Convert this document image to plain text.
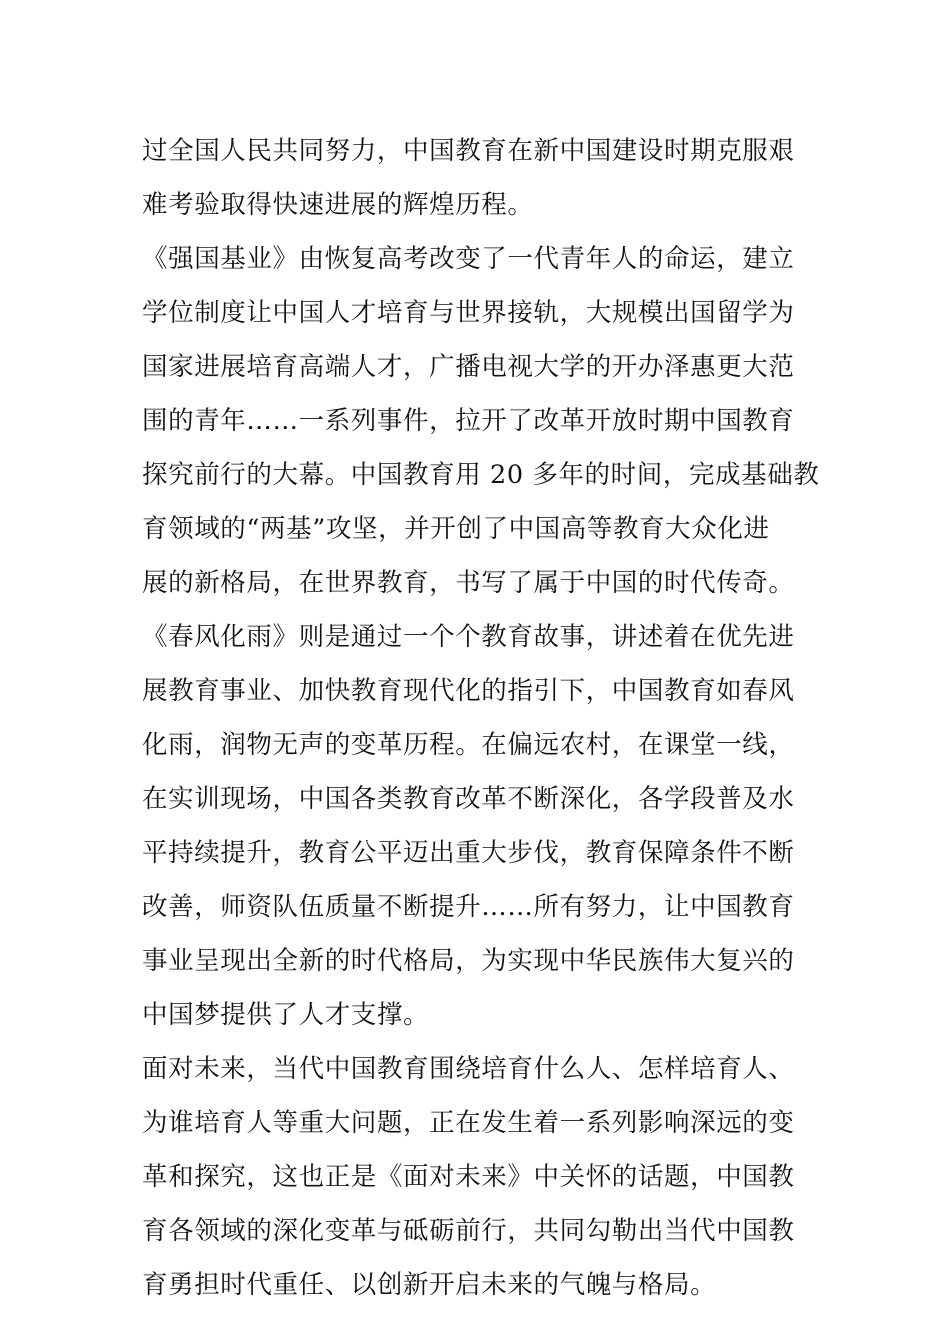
过全国人民共同努力，中国教育在新中国建设时期克服艰
难考验取得快速进展的辉煌历程。
《强国基业》由恢复高考改变了一代青年人的命运，建立
学位制度让中国人才培育与世界接轨，大规模出国留学为
国家进展培育高端人才，广播电视大学的开办泽惠更大范
围的青年……一系列事件，拉开了改革开放时期中国教育
探究前行的大幕。中国教育用 20 多年的时间，完成基础教
育领域的“两基”攻坚，并开创了中国高等教育大众化进
展的新格局，在世界教育，书写了属于中国的时代传奇。
《春风化雨》则是通过一个个教育故事，讲述着在优先进
展教育事业、加快教育现代化的指引下，中国教育如春风
化雨，润物无声的变革历程。在偏远农村，在课堂一线，
在实训现场，中国各类教育改革不断深化，各学段普及水
平持续提升，教育公平迈出重大步伐，教育保障条件不断
改善，师资队伍质量不断提升……所有努力，让中国教育
事业呈现出全新的时代格局，为实现中华民族伟大复兴的
中国梦提供了人才支撑。
面对未来，当代中国教育围绕培育什么人、怎样培育人、
为谁培育人等重大问题，正在发生着一系列影响深远的变
革和探究，这也正是《面对未来》中关怀的话题，中国教
育各领域的深化变革与砥砺前行，共同勾勒出当代中国教
育勇担时代重任、以创新开启未来的气魄与格局。
